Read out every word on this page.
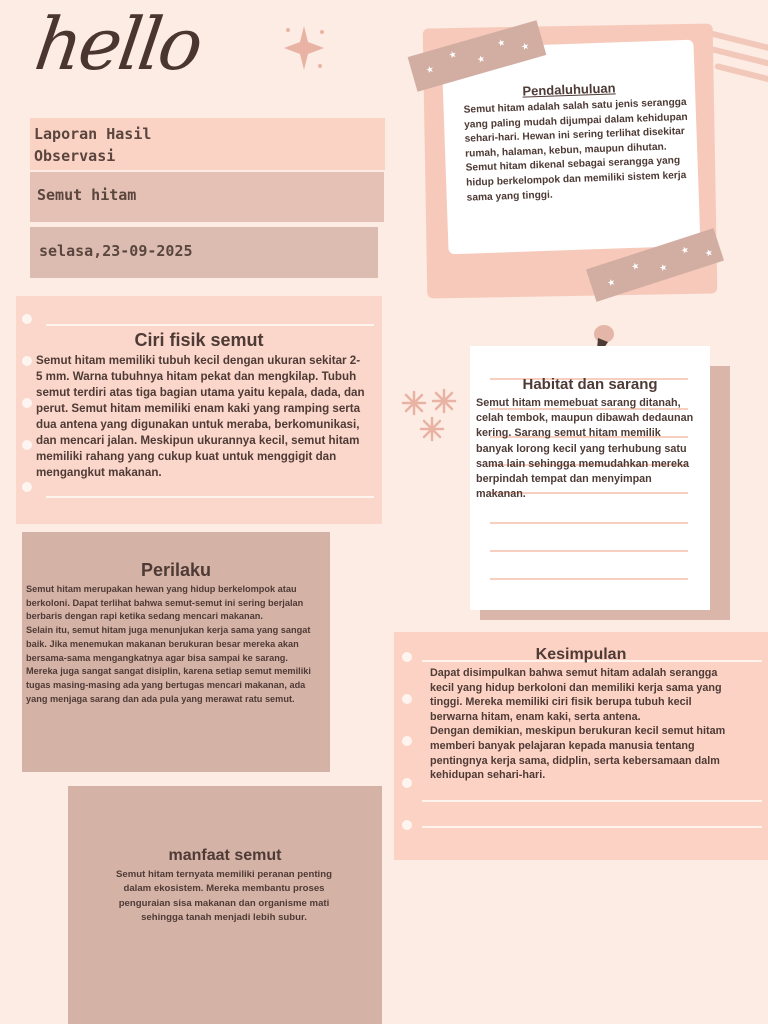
hello
Laporan Hasil
Observasi
Semut hitam
selasa,23-09-2025
Pendaluhuluan
Semut hitam adalah salah satu jenis serangga yang paling mudah dijumpai dalam kehidupan sehari-hari. Hewan ini sering terlihat disekitar rumah, halaman, kebun, maupun dihutan. Semut hitam dikenal sebagai serangga yang hidup berkelompok dan memiliki sistem kerja sama yang tinggi.
★
★ ★
★ ★
★
★ ★
★ ★
Ciri fisik semut
Semut hitam memiliki tubuh kecil dengan ukuran sekitar 2-5 mm. Warna tubuhnya hitam pekat dan mengkilap. Tubuh semut terdiri atas tiga bagian utama yaitu kepala, dada, dan perut. Semut hitam memiliki enam kaki yang ramping serta dua antena yang digunakan untuk meraba, berkomunikasi, dan mencari jalan. Meskipun ukurannya kecil, semut hitam memiliki rahang yang cukup kuat untuk menggigit dan mengangkut makanan.
Habitat dan sarang
Semut hitam memebuat sarang ditanah, celah tembok, maupun dibawah dedaunan kering. Sarang semut hitam memilik banyak lorong kecil yang terhubung satu sama lain sehingga memudahkan mereka berpindah tempat dan menyimpan makanan.
Perilaku
Semut hitam merupakan hewan yang hidup berkelompok atau berkoloni. Dapat terlihat bahwa semut-semut ini sering berjalan berbaris dengan rapi ketika sedang mencari makanan.
Selain itu, semut hitam juga menunjukan kerja sama yang sangat baik. Jika menemukan makanan berukuran besar mereka akan bersama-sama mengangkatnya agar bisa sampai ke sarang.
Mereka juga sangat sangat disiplin, karena setiap semut memiliki tugas masing-masing ada yang bertugas mencari makanan, ada yang menjaga sarang dan ada pula yang merawat ratu semut.
Kesimpulan
Dapat disimpulkan bahwa semut hitam adalah serangga kecil yang hidup berkoloni dan memiliki kerja sama yang tinggi. Mereka memiliki ciri fisik berupa tubuh kecil berwarna hitam, enam kaki, serta antena.
Dengan demikian, meskipun berukuran kecil semut hitam memberi banyak pelajaran kepada manusia tentang pentingnya kerja sama, didplin, serta kebersamaan dalm kehidupan sehari-hari.
manfaat semut
Semut hitam ternyata memiliki peranan penting dalam ekosistem. Mereka membantu proses penguraian sisa makanan dan organisme mati sehingga tanah menjadi lebih subur.
